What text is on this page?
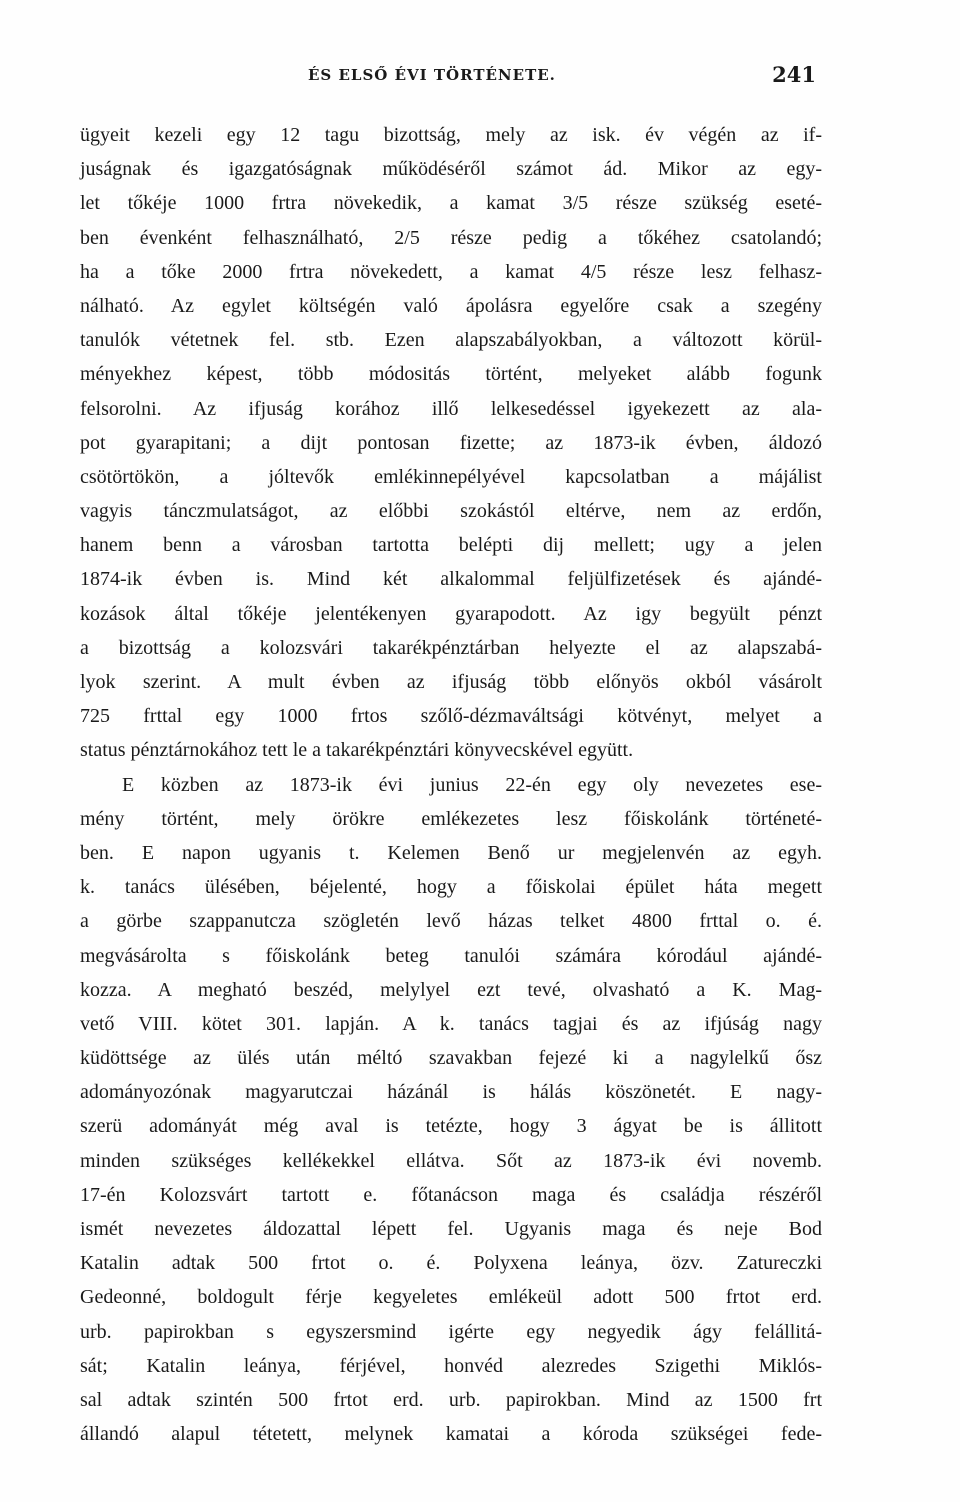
ÉS ELSŐ ÉVI TÖRTÉNETE.	241
ügyeit kezeli egy 12 tagu bizottság, mely az isk. év végén az if-
juságnak és igazgatóságnak működéséről számot ád. Mikor az egy-
let tőkéje 1000 frtra növekedik, a kamat 3/5 része szükség eseté-
ben évenként felhasználható, 2/5 része pedig a tőkéhez csatolandó;
ha a tőke 2000 frtra növekedett, a kamat 4/5 része lesz felhasz-
nálható. Az egylet költségén való ápolásra egyelőre csak a szegény
tanulók vétetnek fel. stb. Ezen alapszabályokban, a változott körül-
ményekhez képest, több módositás történt, melyeket alább fogunk
felsorolni. Az ifjuság korához illő lelkesedéssel igyekezett az ala-
pot gyarapitani; a dijt pontosan fizette; az 1873-ik évben, áldozó
csötörtökön, a jóltevők emlékinnepélyével kapcsolatban a májálist
vagyis tánczmulatságot, az előbbi szokástól eltérve, nem az erdőn,
hanem benn a városban tartotta belépti dij mellett; ugy a jelen
1874-ik évben is. Mind két alkalommal feljülfizetések és ajándé-
kozások által tőkéje jelentékenyen gyarapodott. Az igy begyült pénzt
a bizottság a kolozsvári takarékpénztárban helyezte el az alapszabá-
lyok szerint. A mult évben az ifjuság több előnyös okból vásárolt
725 frttal egy 1000 frtos szőlő-dézmaváltsági kötvényt, melyet a
status pénztárnokához tett le a takarékpénztári könyvecskével együtt.
E közben az 1873-ik évi junius 22-én egy oly nevezetes ese-
mény történt, mely örökre emlékezetes lesz főiskolánk történeté-
ben. E napon ugyanis t. Kelemen Benő ur megjelenvén az egyh.
k. tanács ülésében, béjelenté, hogy a főiskolai épület háta megett
a görbe szappanutcza szögletén levő házas telket 4800 frttal o. é.
megvásárolta s főiskolánk beteg tanulói számára kórodául ajándé-
kozza. A megható beszéd, melylyel ezt tevé, olvasható a K. Mag-
vető VIII. kötet 301. lapján. A k. tanács tagjai és az ifjúság nagy
küdöttsége az ülés után méltó szavakban fejezé ki a nagylelkű ősz
adományozónak magyarutczai házánál is hálás köszönetét. E nagy-
szerü adományát még aval is tetézte, hogy 3 ágyat be is állitott
minden szükséges kellékekkel ellátva. Sőt az 1873-ik évi novemb.
17-én Kolozsvárt tartott e. főtanácson maga és családja részéről
ismét nevezetes áldozattal lépett fel. Ugyanis maga és neje Bod
Katalin adtak 500 frtot o. é. Polyxena leánya, özv. Zatureczki
Gedeonné, boldogult férje kegyeletes emlékeül adott 500 frtot erd.
urb. papirokban s egyszersmind igérte egy negyedik ágy felállitá-
sát; Katalin leánya, férjével, honvéd alezredes Szigethi Miklós-
sal adtak szintén 500 frtot erd. urb. papirokban. Mind az 1500 frt
állandó alapul tétetett, melynek kamatai a kóroda szükségei fede-
